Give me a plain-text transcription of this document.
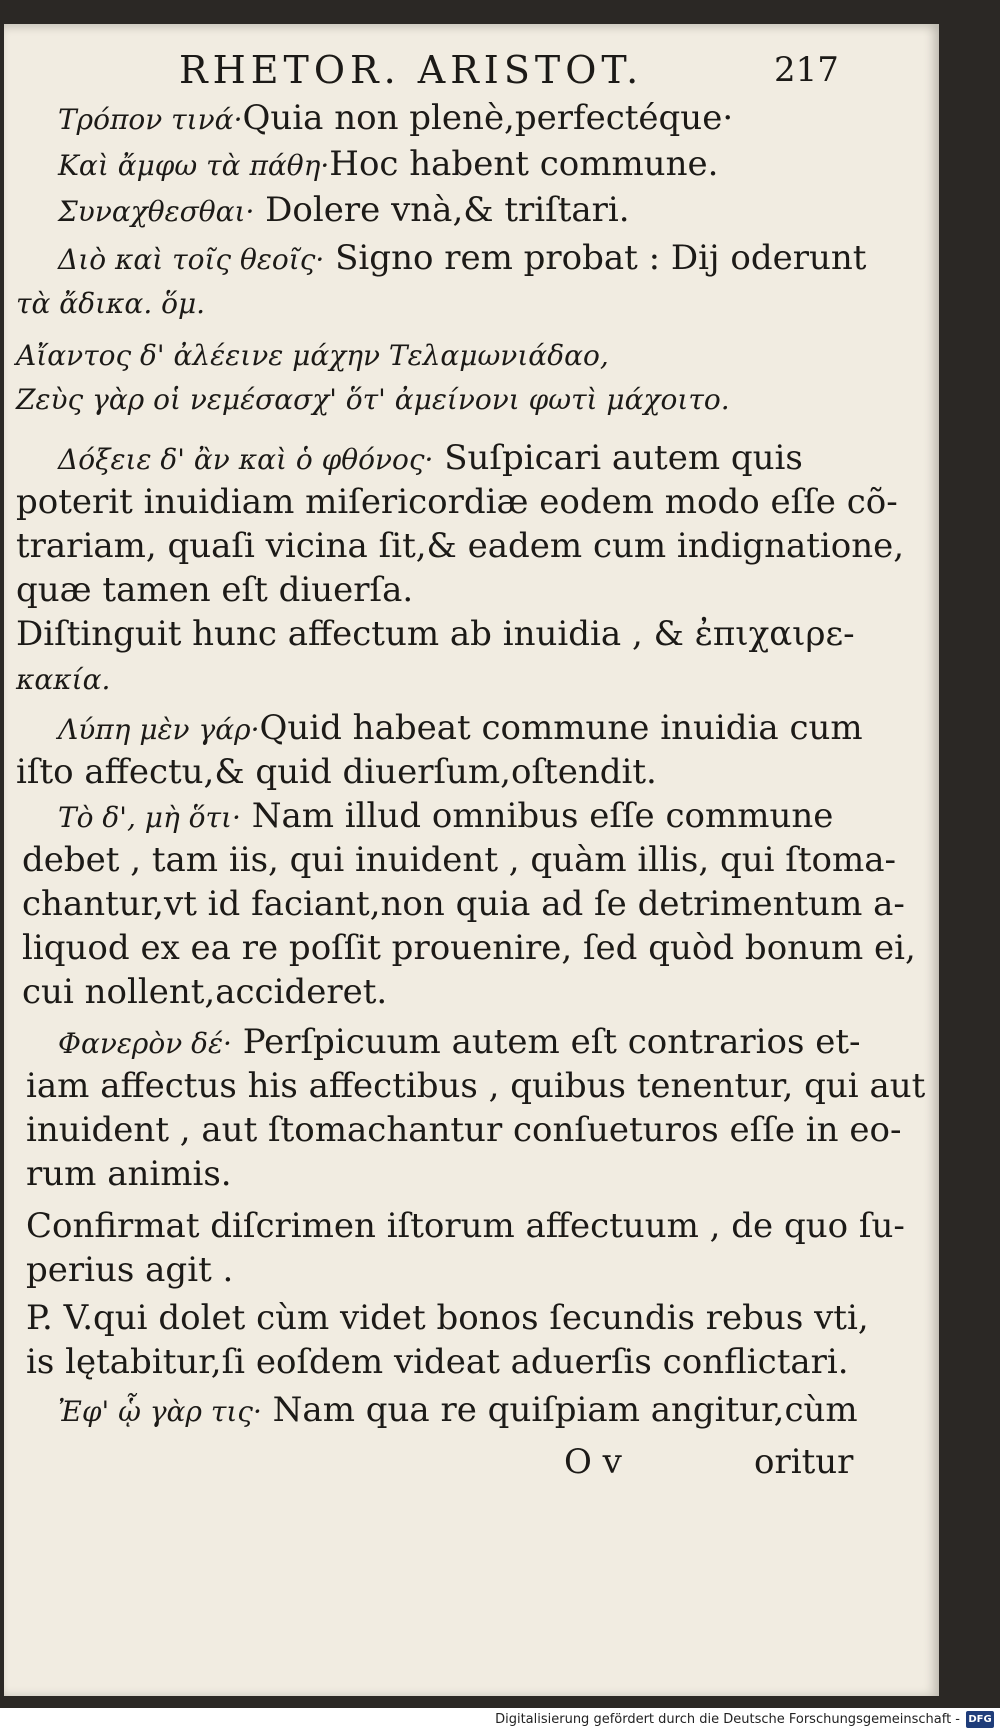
RHETOR. ARISTOT.	217
Τρόπον τινά·Quia non plenè,perfectéque·
Καὶ ἄμφω τὰ πάθη·Hoc habent commune.
Συναχθεσθαι· Dolere vnà,& triſtari.
Διὸ καὶ τοῖς θεοῖς· Signo rem probat : Dij oderunt
τὰ ἄδικα. ὅμ.
Αἴαντος δ' ἀλέεινε μάχην Τελαμωνιάδαο,
Ζεὺς γὰρ οἱ νεμέσασχ' ὅτ' ἀμείνονι φωτὶ μάχοιτο.
Δόξειε δ' ἂν καὶ ὁ φθόνος· Suſpicari autem quis
poterit inuidiam miſericordiæ eodem modo eſſe cõ-
trariam, quaſi vicina ſit,& eadem cum indignatione,
quæ tamen eſt diuerſa.
Diſtinguit hunc affectum ab inuidia , & ἐπιχαιρε-
κακία.
Λύπη μὲν γάρ·Quid habeat commune inuidia cum
iſto affectu,& quid diuerſum,oſtendit.
Τὸ δ', μὴ ὅτι· Nam illud omnibus eſſe commune
debet , tam iis, qui inuident , quàm illis, qui ſtoma-
chantur,vt id faciant,non quia ad ſe detrimentum a-
liquod ex ea re poſſit prouenire, ſed quòd bonum ei,
cui nollent,accideret.
Φανερὸν δέ· Perſpicuum autem eſt contrarios et-
iam affectus his affectibus , quibus tenentur, qui aut
inuident , aut ſtomachantur conſueturos eſſe in eo-
rum animis.
Confirmat diſcrimen iſtorum affectuum , de quo ſu-
perius agit .
P. V.qui dolet cùm videt bonos ſecundis rebus vti,
is lętabitur,ſi eoſdem videat aduerſis conflictari.
Ἐφ' ᾧ γὰρ τις· Nam qua re quiſpiam angitur,cùm
O v	oritur
Digitalisierung gefördert durch die Deutsche Forschungsgemeinschaft - DFG
